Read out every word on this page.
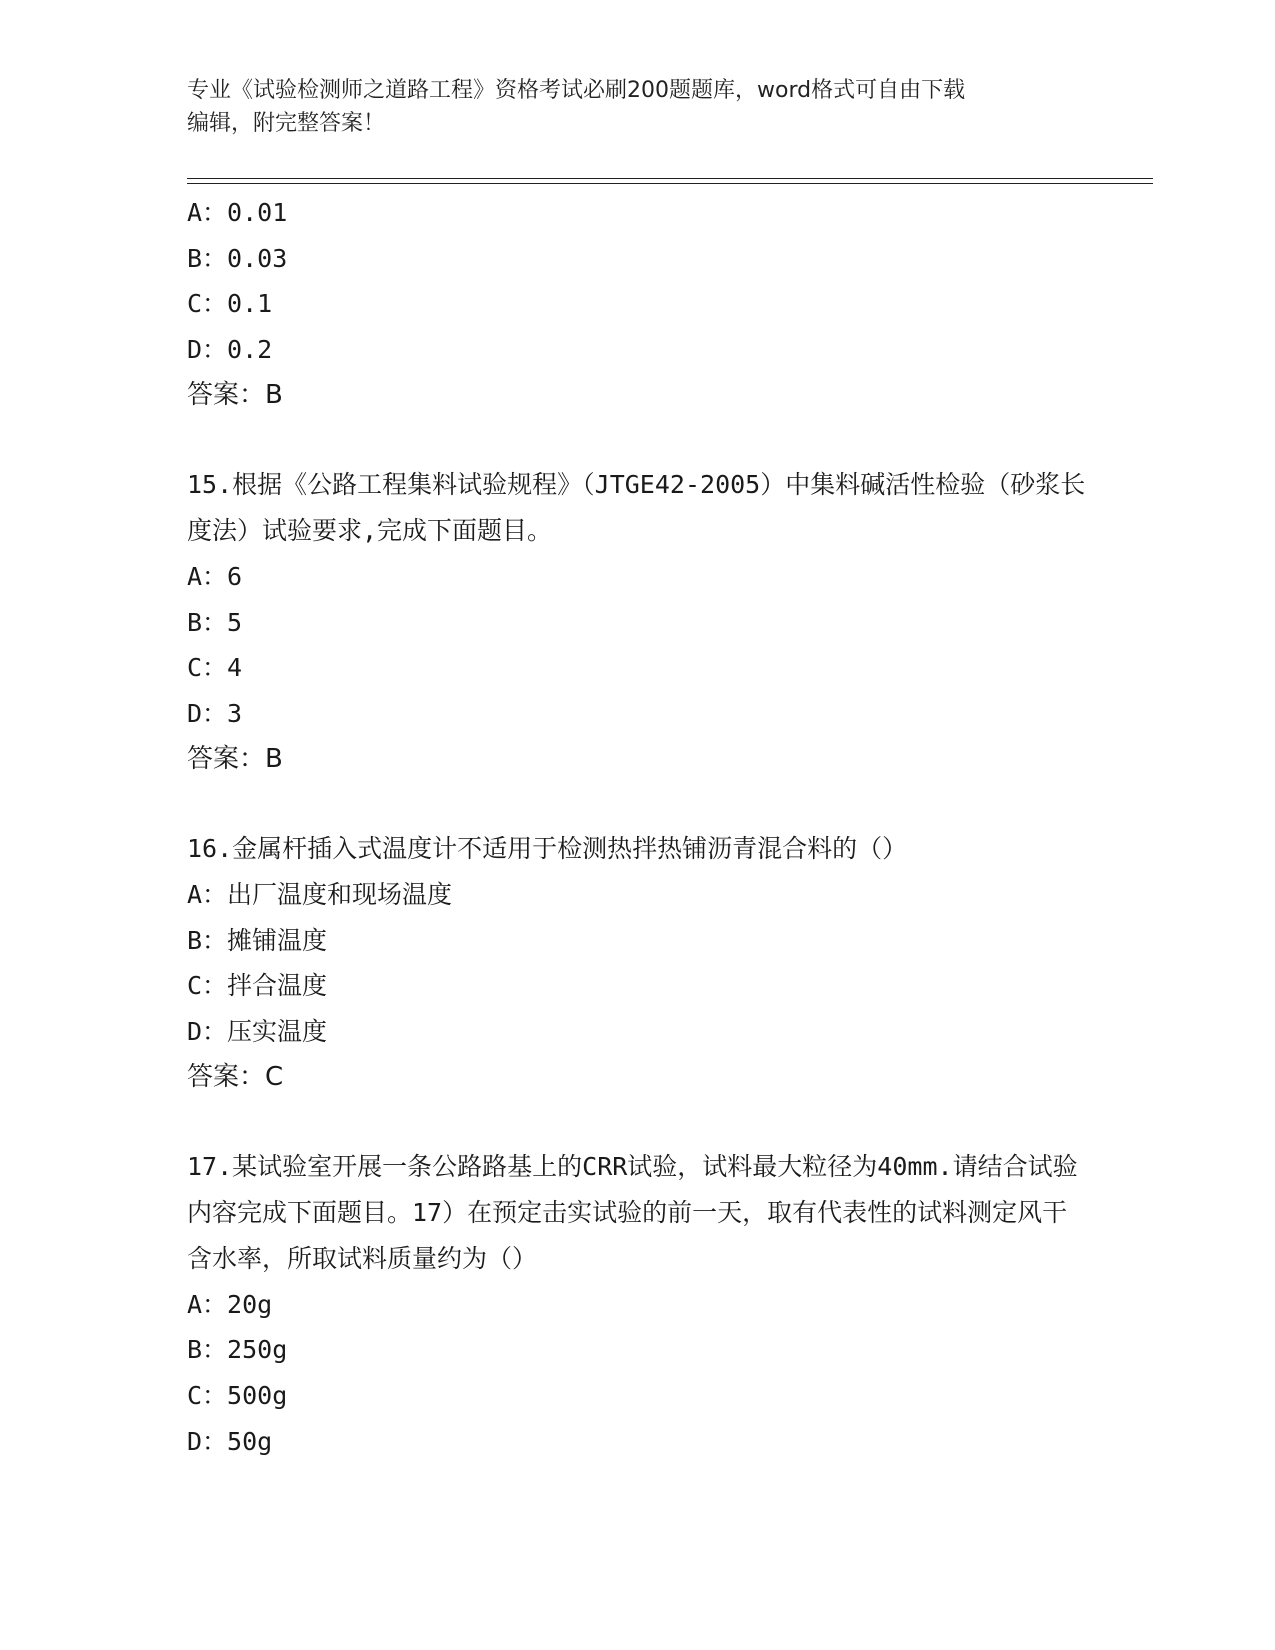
专业《试验检测师之道路工程》资格考试必刷200题题库，word格式可自由下载
编辑，附完整答案！
A：0.01
B：0.03
C：0.1
D：0.2
答案：B
15.根据《公路工程集料试验规程》（JTGE42-2005）中集料碱活性检验（砂浆长度法）试验要求,完成下面题目。
A：6
B：5
C：4
D：3
答案：B
16.金属杆插入式温度计不适用于检测热拌热铺沥青混合料的（）
A：出厂温度和现场温度
B：摊铺温度
C：拌合温度
D：压实温度
答案：C
17.某试验室开展一条公路路基上的CRR试验，试料最大粒径为40mm.请结合试验内容完成下面题目。17）在预定击实试验的前一天，取有代表性的试料测定风干含水率，所取试料质量约为（）
A：20g
B：250g
C：500g
D：50g
